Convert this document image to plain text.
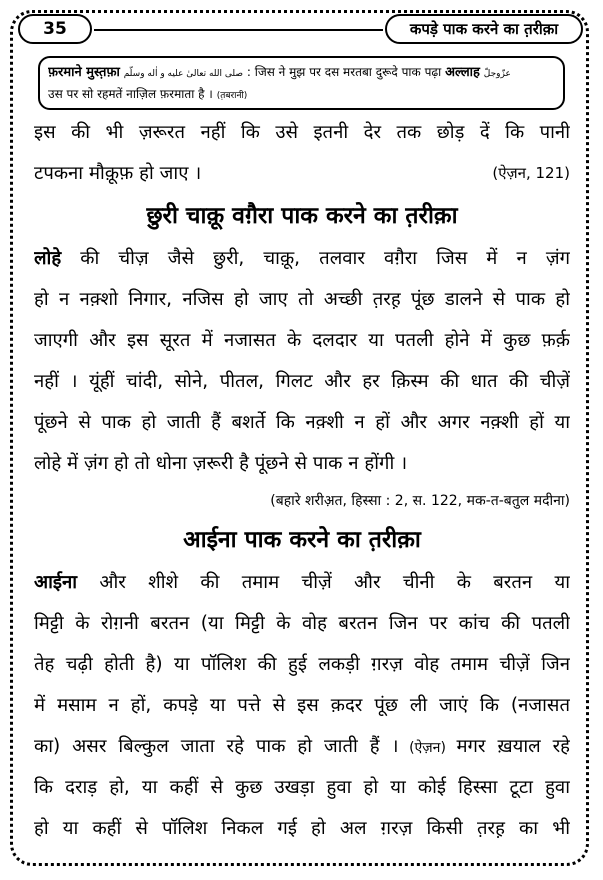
35	कपड़े पाक करने का त़रीक़ा
फ़रमाने मुस्त़फ़ा صلى الله تعالىٰ عليه و اٰله وسلّم : जिस ने मुझ पर दस मरतबा दुरूदे पाक पढ़ा अल्लाह عزّوجلّ
उस पर सो रहमतें नाज़िल फ़रमाता है । (त़बरानी)
इस की भी ज़रूरत नहीं कि उसे इतनी देर तक छोड़ दें कि पानी
टपकना मौक़ूफ़ हो जाए ।	(ऐज़न, 121)
छुरी चाक़ू वग़ैरा पाक करने का त़रीक़ा
लोहे की चीज़ जैसे छुरी, चाक़ू, तलवार वग़ैरा जिस में न ज़ंग
हो न नक़्शो निगार, नजिस हो जाए तो अच्छी त़रह़ पूंछ डालने से पाक हो
जाएगी और इस सूरत में नजासत के दलदार या पतली होने में कुछ फ़र्क़
नहीं । यूंहीं चांदी, सोने, पीतल, गिलट और हर क़िस्म की धात की चीज़ें
पूंछने से पाक हो जाती हैं बशर्ते कि नक़्शी न हों और अगर नक़्शी हों या
लोहे में ज़ंग हो तो धोना ज़रूरी है पूंछने से पाक न होंगी ।
(बहारे शरीअ़त, हिस्सा : 2, स. 122, मक-त-बतुल मदीना)
आईना पाक करने का त़रीक़ा
आईना और शीशे की तमाम चीज़ें और चीनी के बरतन या
मिट्टी के रोग़नी बरतन (या मिट्टी के वोह बरतन जिन पर कांच की पतली
तेह चढ़ी होती है) या पॉलिश की हुई लकड़ी ग़रज़ वोह तमाम चीज़ें जिन
में मसाम न हों, कपड़े या पत्ते से इस क़दर पूंछ ली जाएं कि (नजासत
का) असर बिल्कुल जाता रहे पाक हो जाती हैं । (ऐज़न) मगर ख़याल रहे
कि दराड़ हो, या कहीं से कुछ उखड़ा हुवा हो या कोई हिस्सा टूटा हुवा
हो या कहीं से पॉलिश निकल गई हो अल ग़रज़ किसी त़रह़ का भी
